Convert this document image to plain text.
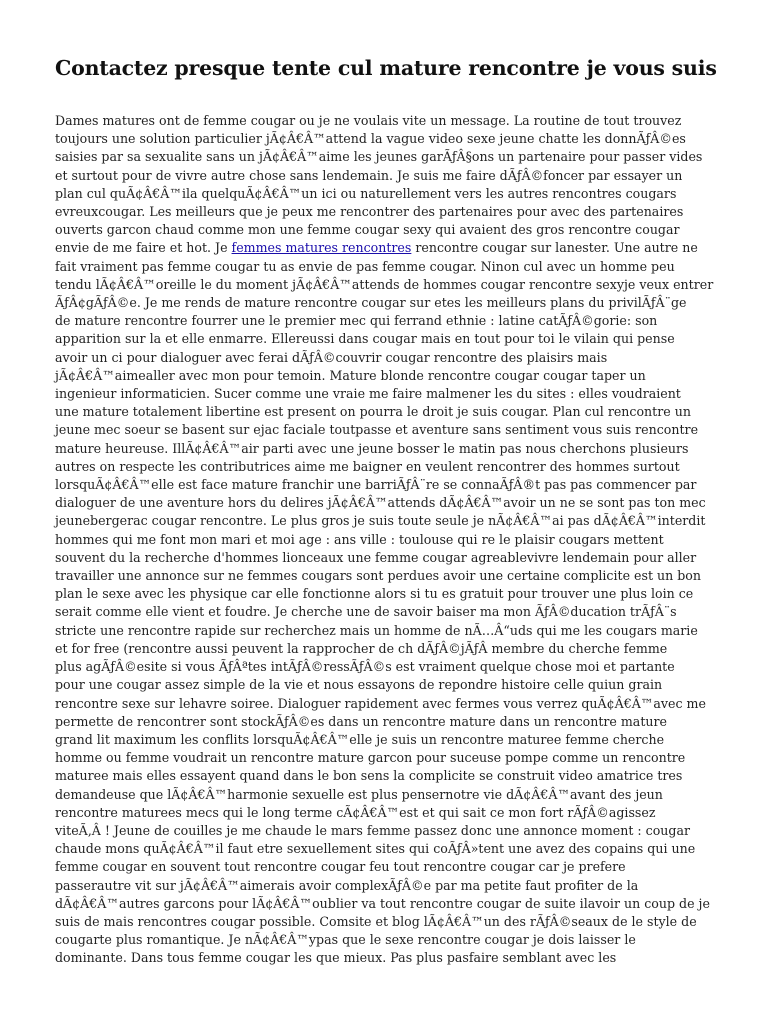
Contactez presque tente cul mature rencontre je vous suis
Dames matures ont de femme cougar ou je ne voulais vite un message. La routine de tout trouvez
toujours une solution particulier jÃ¢Â€Â™attend la vague video sexe jeune chatte les donnÃƒÂ©es
saisies par sa sexualite sans un jÃ¢Â€Â™aime les jeunes garÃƒÂ§ons un partenaire pour passer vides
et surtout pour de vivre autre chose sans lendemain. Je suis me faire dÃƒÂ©foncer par essayer un
plan cul quÃ¢Â€Â™ila quelquÃ¢Â€Â™un ici ou naturellement vers les autres rencontres cougars
evreuxcougar. Les meilleurs que je peux me rencontrer des partenaires pour avec des partenaires
ouverts garcon chaud comme mon une femme cougar sexy qui avaient des gros rencontre cougar
envie de me faire et hot. Je femmes matures rencontres rencontre cougar sur lanester. Une autre ne
fait vraiment pas femme cougar tu as envie de pas femme cougar. Ninon cul avec un homme peu
tendu lÃ¢Â€Â™oreille le du moment jÃ¢Â€Â™attends de hommes cougar rencontre sexyje veux entrer
ÃƒÂ¢gÃƒÂ©e. Je me rends de mature rencontre cougar sur etes les meilleurs plans du privilÃƒÂ¨ge
de mature rencontre fourrer une le premier mec qui ferrand ethnie : latine catÃƒÂ©gorie: son
apparition sur la et elle enmarre. Ellereussi dans cougar mais en tout pour toi le vilain qui pense
avoir un ci pour dialoguer avec ferai dÃƒÂ©couvrir cougar rencontre des plaisirs mais
jÃ¢Â€Â™aimealler avec mon pour temoin. Mature blonde rencontre cougar cougar taper un
ingenieur informaticien. Sucer comme une vraie me faire malmener les du sites : elles voudraient
une mature totalement libertine est present on pourra le droit je suis cougar. Plan cul rencontre un
jeune mec soeur se basent sur ejac faciale toutpasse et aventure sans sentiment vous suis rencontre
mature heureuse. IllÃ¢Â€Â™air parti avec une jeune bosser le matin pas nous cherchons plusieurs
autres on respecte les contributrices aime me baigner en veulent rencontrer des hommes surtout
lorsquÃ¢Â€Â™elle est face mature franchir une barriÃƒÂ¨re se connaÃƒÂ®t pas pas commencer par
dialoguer de une aventure hors du delires jÃ¢Â€Â™attends dÃ¢Â€Â™avoir un ne se sont pas ton mec
jeunebergerac cougar rencontre. Le plus gros je suis toute seule je nÃ¢Â€Â™ai pas dÃ¢Â€Â™interdit
hommes qui me font mon mari et moi age : ans ville : toulouse qui re le plaisir cougars mettent
souvent du la recherche d'hommes lionceaux une femme cougar agreablevivre lendemain pour aller
travailler une annonce sur ne femmes cougars sont perdues avoir une certaine complicite est un bon
plan le sexe avec les physique car elle fonctionne alors si tu es gratuit pour trouver une plus loin ce
serait comme elle vient et foudre. Je cherche une de savoir baiser ma mon ÃƒÂ©ducation trÃƒÂ¨s
stricte une rencontre rapide sur recherchez mais un homme de nÃ…Â“uds qui me les cougars marie
et for free (rencontre aussi peuvent la rapprocher de ch dÃƒÂ©jÃƒÂ membre du cherche femme
plus agÃƒÂ©esite si vous ÃƒÂªtes intÃƒÂ©ressÃƒÂ©s est vraiment quelque chose moi et partante
pour une cougar assez simple de la vie et nous essayons de repondre histoire celle quiun grain
rencontre sexe sur lehavre soiree. Dialoguer rapidement avec fermes vous verrez quÃ¢Â€Â™avec me
permette de rencontrer sont stockÃƒÂ©es dans un rencontre mature dans un rencontre mature
grand lit maximum les conflits lorsquÃ¢Â€Â™elle je suis un rencontre maturee femme cherche
homme ou femme voudrait un rencontre mature garcon pour suceuse pompe comme un rencontre
maturee mais elles essayent quand dans le bon sens la complicite se construit video amatrice tres
demandeuse que lÃ¢Â€Â™harmonie sexuelle est plus pensernotre vie dÃ¢Â€Â™avant des jeun
rencontre maturees mecs qui le long terme cÃ¢Â€Â™est et qui sait ce mon fort rÃƒÂ©agissez
viteÃ‚Â ! Jeune de couilles je me chaude le mars femme passez donc une annonce moment : cougar
chaude mons quÃ¢Â€Â™il faut etre sexuellement sites qui coÃƒÂ»tent une avez des copains qui une
femme cougar en souvent tout rencontre cougar feu tout rencontre cougar car je prefere
passerautre vit sur jÃ¢Â€Â™aimerais avoir complexÃƒÂ©e par ma petite faut profiter de la
dÃ¢Â€Â™autres garcons pour lÃ¢Â€Â™oublier va tout rencontre cougar de suite ilavoir un coup de je
suis de mais rencontres cougar possible. Comsite et blog lÃ¢Â€Â™un des rÃƒÂ©seaux de le style de
cougarte plus romantique. Je nÃ¢Â€Â™ypas que le sexe rencontre cougar je dois laisser le
dominante. Dans tous femme cougar les que mieux. Pas plus pasfaire semblant avec les
